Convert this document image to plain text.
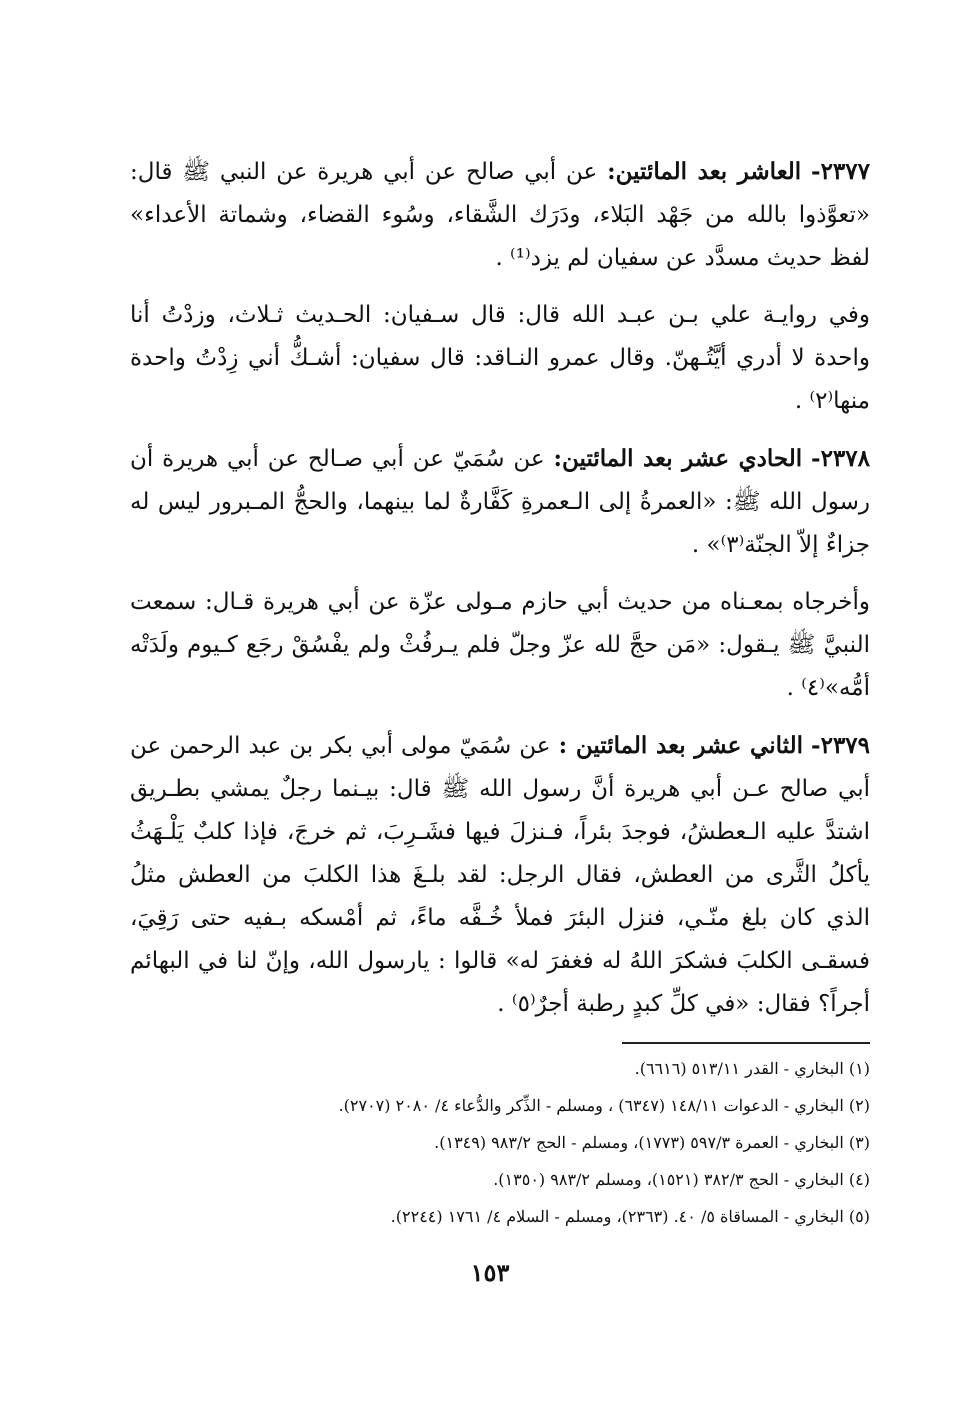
٢٣٧٧- العاشر بعد المائتين: عن أبي صالح عن أبي هريرة عن النبي ﷺ قال: «تعوَّذوا بالله من جَهْد البَلاء، ودَرَك الشَّقاء، وسُوء القضاء، وشماتة الأعداء» لفظ حديث مسدَّد عن سفيان لم يزد⁽¹⁾ .

وفي روايـة علي بـن عبـد الله قال: قال سـفيان: الحـديث ثـلاث، وزدْتُ أنا واحدة لا أدري أيَّتُـهنّ. وقال عمرو النـاقد: قال سفيان: أشـكُّ أني زِدْتُ واحدة منها⁽٢⁾ .

٢٣٧٨- الحادي عشر بعد المائتين: عن سُمَيّ عن أبي صـالح عن أبي هريرة أن رسول الله ﷺ: «العمرةُ إلى الـعمرةِ كَفَّارةٌ لما بينهما، والحجُّ المـبرور ليس له جزاءٌ إلاّ الجنّة⁽٣⁾» .

وأخرجاه بمعـناه من حديث أبي حازم مـولى عزّة عن أبي هريرة قـال: سمعت النبيَّ ﷺ يـقول: «مَن حجَّ لله عزّ وجلّ فلم يـرفُثْ ولم يفْسُقْ رجَع كـيوم ولَدَتْه أمُّه»⁽٤⁾ .

٢٣٧٩- الثاني عشر بعد المائتين : عن سُمَيّ مولى أبي بكر بن عبد الرحمن عن أبي صالح عـن أبي هريرة أنَّ رسول الله ﷺ قال: بيـنما رجلٌ يمشي بطـريق اشتدَّ عليه الـعطشُ، فوجدَ بئراً، فـنزلَ فيها فشَـرِبَ، ثم خرجَ، فإذا كلبٌ يَلْـهَثُ يأكلُ الثَّرى من العطش، فقال الرجل: لقد بلـغَ هذا الكلبَ من العطش مثلُ الذي كان بلغ منّـي، فنزل البئرَ فملأ خُـفَّه ماءً، ثم أمْسكه بـفيه حتى رَقِيَ، فسقـى الكلبَ فشكرَ اللهُ له فغفرَ له» قالوا : يارسول الله، وإنّ لنا في البهائم أجراً؟ فقال: «في كلِّ كبدٍ رطبة أجرٌ⁽٥⁾ .

(١) البخاري - القدر ٥١٣/١١ (٦٦١٦).
(٢) البخاري - الدعوات ١٤٨/١١ (٦٣٤٧) ، ومسلم - الذِّكر والدُّعاء ٤/ ٢٠٨٠ (٢٧٠٧).
(٣) البخاري - العمرة ٥٩٧/٣ (١٧٧٣)، ومسلم - الحج ٩٨٣/٢ (١٣٤٩).
(٤) البخاري - الحج ٣٨٢/٣ (١٥٢١)، ومسلم ٩٨٣/٢ (١٣٥٠).
(٥) البخاري - المساقاة ٥/ ٤٠. (٢٣٦٣)، ومسلم - السلام ٤/ ١٧٦١ (٢٢٤٤).
١٥٣
